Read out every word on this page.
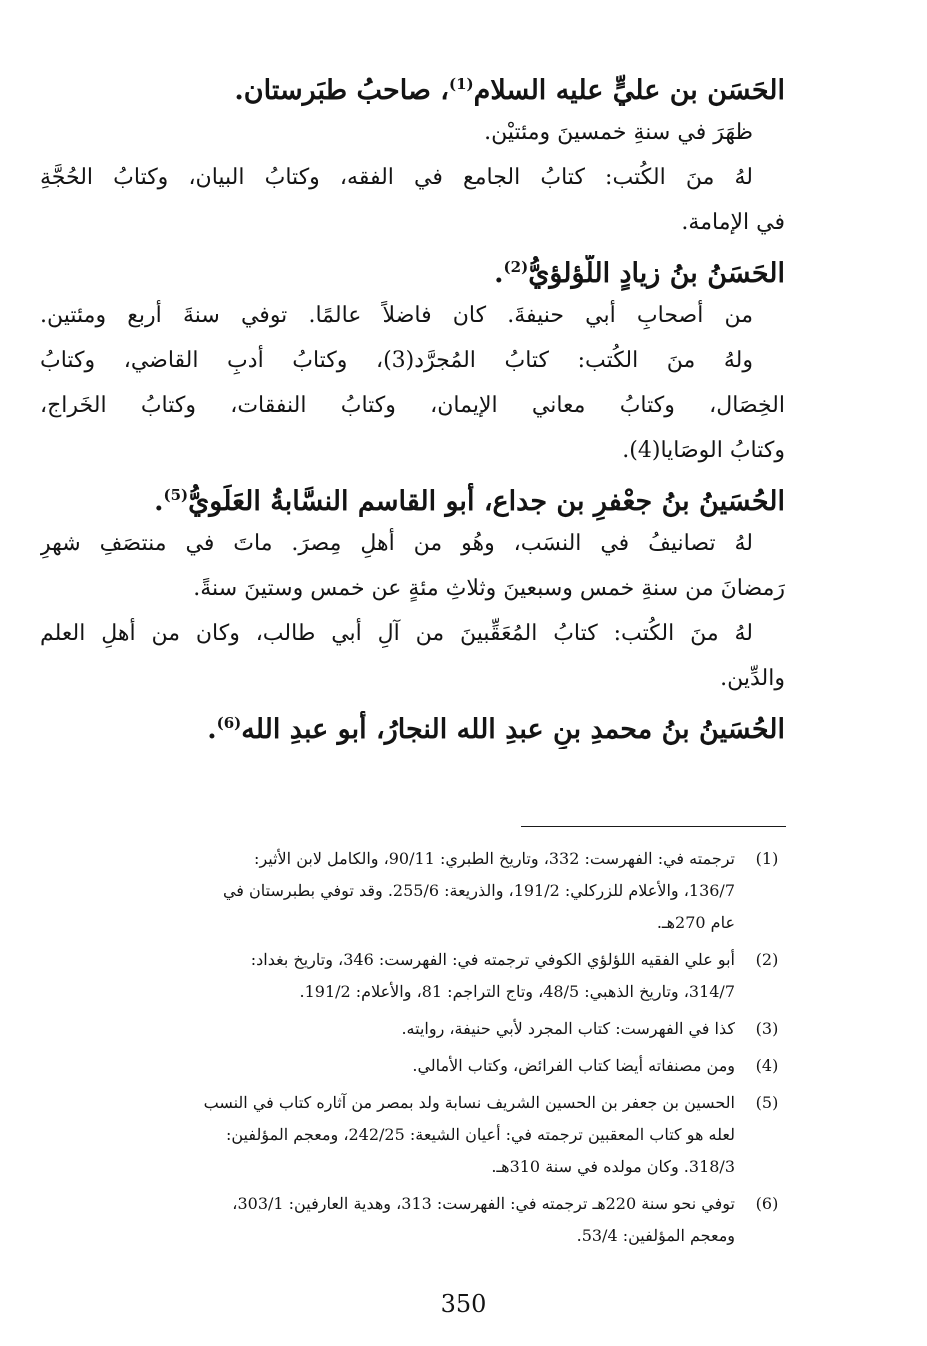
الحَسَن بن عليٍّ عليه السلام$^{(1)}$، صاحبُ طبَرستان.
ظهَرَ في سنةِ خمسينَ ومئتيْن.
لهُ منَ الكُتب: كتابُ الجامع في الفقه، وكتابُ البيان، وكتابُ الحُجَّةِ
في الإمامة.
الحَسَنُ بنُ زيادٍ اللُّؤلؤيُّ$^{(2)}$.
من أصحابِ أبي حنيفةَ. كان فاضلاً عالمًا. توفي سنةَ أربع ومئتين.
ولهُ منَ الكُتب: كتابُ المُجرَّد(3)، وكتابُ أدبِ القاضي، وكتابُ
الخِصَال، وكتابُ معاني الإيمان، وكتابُ النفقات، وكتابُ الخَراج،
وكتابُ الوصَايا(4).
الحُسَينُ بنُ جعْفرِ بن جداع، أبو القاسم النسَّابةُ العَلَويُّ$^{(5)}$.
لهُ تصانيفُ في النسَب، وهُو من أهلِ مِصرَ. ماتَ في منتصَفِ شهرِ
رَمضانَ من سنةِ خمس وسبعينَ وثلاثِ مئةٍ عن خمس وستينَ سنةً.
لهُ منَ الكُتب: كتابُ المُعَقِّبينَ من آلِ أبي طالب، وكان من أهلِ العلم
والدِّين.
الحُسَينُ بنُ محمدِ بنِ عبدِ الله النجارُ، أبو عبدِ الله$^{(6)}$.
(1)
ترجمته في: الفهرست: 332، وتاريخ الطبري: 90/11، والكامل لابن الأثير:
136/7، والأعلام للزركلي: 191/2، والذريعة: 255/6. وقد توفي بطبرستان في
عام 270هـ.
(2)
أبو علي الفقيه اللؤلؤي الكوفي ترجمته في: الفهرست: 346، وتاريخ بغداد:
314/7، وتاريخ الذهبي: 48/5، وتاج التراجم: 81، والأعلام: 191/2.
(3)
كذا في الفهرست: كتاب المجرد لأبي حنيفة، روايته.
(4)
ومن مصنفاته أيضا كتاب الفرائض، وكتاب الأمالي.
(5)
الحسين بن جعفر بن الحسين الشريف نسابة ولد بمصر من آثاره كتاب في النسب
لعله هو كتاب المعقبين ترجمته في: أعيان الشيعة: 242/25، ومعجم المؤلفين:
318/3. وكان مولده في سنة 310هـ.
(6)
توفي نحو سنة 220هـ ترجمته في: الفهرست: 313، وهدية العارفين: 303/1،
ومعجم المؤلفين: 53/4.
350
